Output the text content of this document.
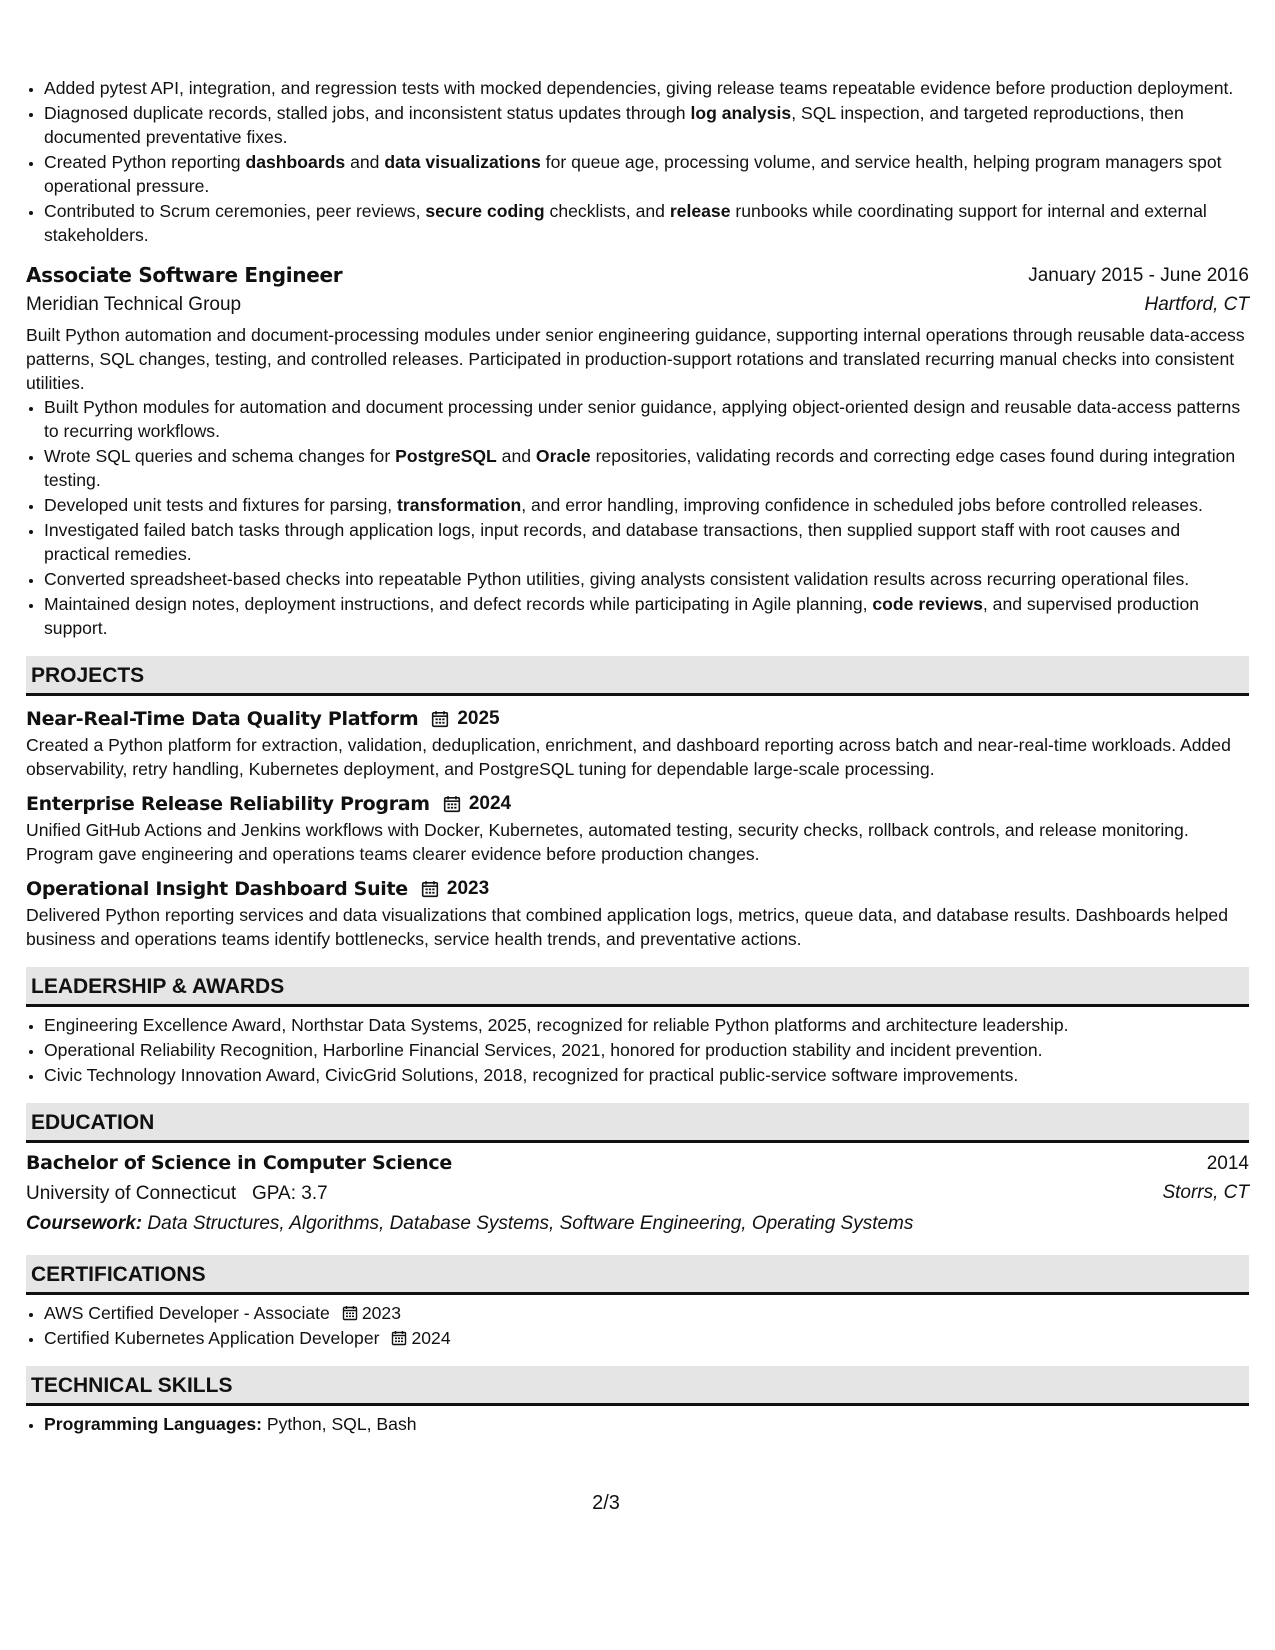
• Added pytest API, integration, and regression tests with mocked dependencies, giving release teams repeatable evidence before production deployment.
• Diagnosed duplicate records, stalled jobs, and inconsistent status updates through log analysis, SQL inspection, and targeted reproductions, then documented preventative fixes.
• Created Python reporting dashboards and data visualizations for queue age, processing volume, and service health, helping program managers spot operational pressure.
• Contributed to Scrum ceremonies, peer reviews, secure coding checklists, and release runbooks while coordinating support for internal and external stakeholders.
Associate Software Engineer	January 2015 - June 2016
Meridian Technical Group	Hartford, CT
Built Python automation and document-processing modules under senior engineering guidance, supporting internal operations through reusable data-access patterns, SQL changes, testing, and controlled releases. Participated in production-support rotations and translated recurring manual checks into consistent utilities.
• Built Python modules for automation and document processing under senior guidance, applying object-oriented design and reusable data-access patterns to recurring workflows.
• Wrote SQL queries and schema changes for PostgreSQL and Oracle repositories, validating records and correcting edge cases found during integration testing.
• Developed unit tests and fixtures for parsing, transformation, and error handling, improving confidence in scheduled jobs before controlled releases.
• Investigated failed batch tasks through application logs, input records, and database transactions, then supplied support staff with root causes and practical remedies.
• Converted spreadsheet-based checks into repeatable Python utilities, giving analysts consistent validation results across recurring operational files.
• Maintained design notes, deployment instructions, and defect records while participating in Agile planning, code reviews, and supervised production support.
PROJECTS
Near-Real-Time Data Quality Platform 2025
Created a Python platform for extraction, validation, deduplication, enrichment, and dashboard reporting across batch and near-real-time workloads. Added observability, retry handling, Kubernetes deployment, and PostgreSQL tuning for dependable large-scale processing.
Enterprise Release Reliability Program 2024
Unified GitHub Actions and Jenkins workflows with Docker, Kubernetes, automated testing, security checks, rollback controls, and release monitoring. Program gave engineering and operations teams clearer evidence before production changes.
Operational Insight Dashboard Suite 2023
Delivered Python reporting services and data visualizations that combined application logs, metrics, queue data, and database results. Dashboards helped business and operations teams identify bottlenecks, service health trends, and preventative actions.
LEADERSHIP & AWARDS
• Engineering Excellence Award, Northstar Data Systems, 2025, recognized for reliable Python platforms and architecture leadership.
• Operational Reliability Recognition, Harborline Financial Services, 2021, honored for production stability and incident prevention.
• Civic Technology Innovation Award, CivicGrid Solutions, 2018, recognized for practical public-service software improvements.
EDUCATION
Bachelor of Science in Computer Science	2014
University of Connecticut GPA: 3.7	Storrs, CT
Coursework: Data Structures, Algorithms, Database Systems, Software Engineering, Operating Systems
CERTIFICATIONS
• AWS Certified Developer - Associate 2023
• Certified Kubernetes Application Developer 2024
TECHNICAL SKILLS
• Programming Languages: Python, SQL, Bash
2/3
